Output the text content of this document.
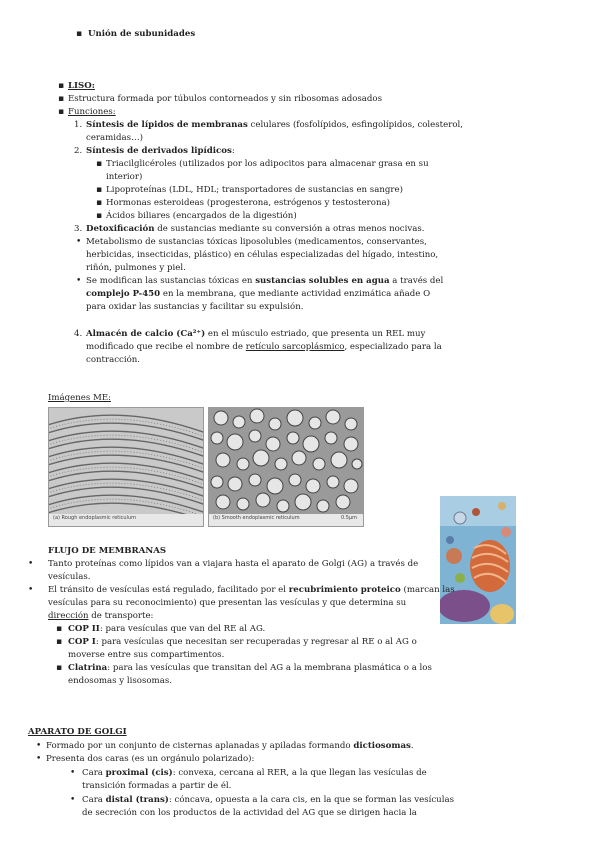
▪ Unión de subunidades
▪ LISO:
▪ Estructura formada por túbulos contorneados y sin ribosomas adosados
▪ Funciones:
1. Síntesis de lípidos de membranas celulares (fosfolípidos, esfingolípidos, colesterol,
ceramidas…)
2. Síntesis de derivados lipídicos:
▪ Triacilglicéroles (utilizados por los adipocitos para almacenar grasa en su
interior)
▪ Lipoproteínas (LDL, HDL; transportadores de sustancias en sangre)
▪ Hormonas esteroideas (progesterona, estrógenos y testosterona)
▪ Ácidos biliares (encargados de la digestión)
3. Detoxificación de sustancias mediante su conversión a otras menos nocivas.
• Metabolismo de sustancias tóxicas liposolubles (medicamentos, conservantes,
herbicidas, insecticidas, plástico) en células especializadas del hígado, intestino,
riñón, pulmones y piel.
• Se modifican las sustancias tóxicas en sustancias solubles en agua a través del
complejo P-450 en la membrana, que mediante actividad enzimática añade O
para oxidar las sustancias y facilitar su expulsión.
4. Almacén de calcio (Ca²⁺) en el músculo estriado, que presenta un REL muy
modificado que recibe el nombre de retículo sarcoplásmico, especializado para la
contracción.
Imágenes ME:
(a) Rough endoplasmic reticulum	(b) Smooth endoplasmic reticulum	0.5μm
FLUJO DE MEMBRANAS
• Tanto proteínas como lípidos van a viajara hasta el aparato de Golgi (AG) a través de
vesículas.
• El tránsito de vesículas está regulado, facilitado por el recubrimiento proteico (marcan las
vesículas para su reconocimiento) que presentan las vesículas y que determina su
dirección de transporte:
▪ COP II: para vesículas que van del RE al AG.
▪ COP I: para vesículas que necesitan ser recuperadas y regresar al RE o al AG o
moverse entre sus compartimentos.
▪ Clatrina: para las vesículas que transitan del AG a la membrana plasmática o a los
endosomas y lisosomas.
APARATO DE GOLGI
• Formado por un conjunto de cisternas aplanadas y apiladas formando dictiosomas.
• Presenta dos caras (es un orgánulo polarizado):
• Cara proximal (cis): convexa, cercana al RER, a la que llegan las vesículas de
transición formadas a partir de él.
• Cara distal (trans): cóncava, opuesta a la cara cis, en la que se forman las vesículas
de secreción con los productos de la actividad del AG que se dirigen hacia la
